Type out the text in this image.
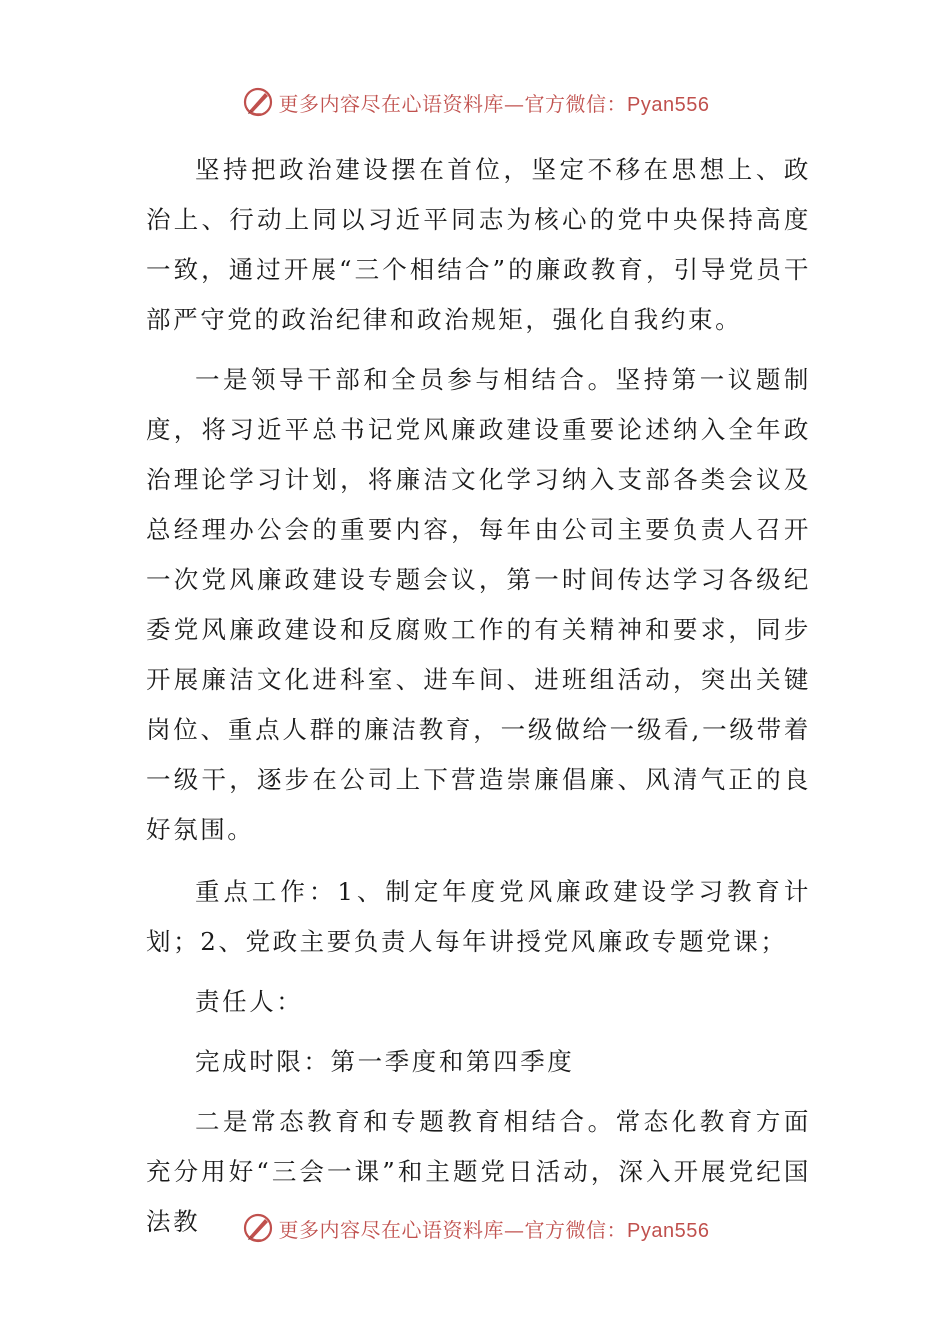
更多内容尽在心语资料库—官方微信：Pyan556

坚持把政治建设摆在首位，坚定不移在思想上、政治上、行动上同以习近平同志为核心的党中央保持高度一致，通过开展“三个相结合”的廉政教育，引导党员干部严守党的政治纪律和政治规矩，强化自我约束。

一是领导干部和全员参与相结合。坚持第一议题制度，将习近平总书记党风廉政建设重要论述纳入全年政治理论学习计划，将廉洁文化学习纳入支部各类会议及总经理办公会的重要内容，每年由公司主要负责人召开一次党风廉政建设专题会议，第一时间传达学习各级纪委党风廉政建设和反腐败工作的有关精神和要求，同步开展廉洁文化进科室、进车间、进班组活动，突出关键岗位、重点人群的廉洁教育，一级做给一级看,一级带着一级干，逐步在公司上下营造崇廉倡廉、风清气正的良好氛围。

重点工作：1、制定年度党风廉政建设学习教育计划；2、党政主要负责人每年讲授党风廉政专题党课；

责任人：

完成时限：第一季度和第四季度

二是常态教育和专题教育相结合。常态化教育方面充分用好“三会一课”和主题党日活动，深入开展党纪国法教	更多内容尽在心语资料库—官方微信：Pyan556
